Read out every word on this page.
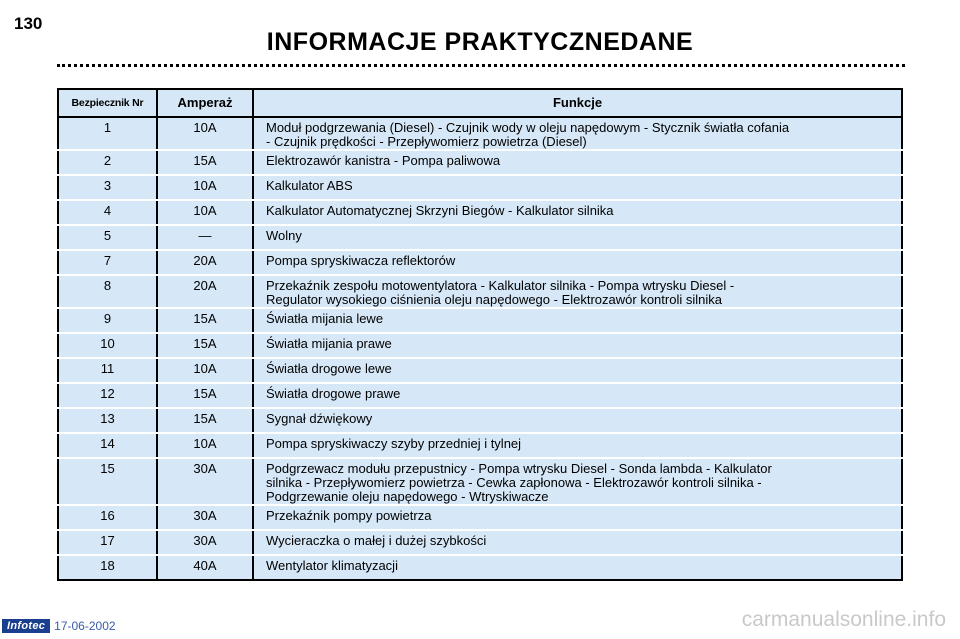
130
INFORMACJE PRAKTYCZNEDANE
Bezpiecznik Nr	Amperaż	Funkcje
1	10A	Moduł podgrzewania (Diesel) - Czujnik wody w oleju napędowym - Stycznik światła cofania
- Czujnik prędkości - Przepływomierz powietrza (Diesel)
2	15A	Elektrozawór kanistra - Pompa paliwowa
3	10A	Kalkulator ABS
4	10A	Kalkulator Automatycznej Skrzyni Biegów - Kalkulator silnika
5	—	Wolny
7	20A	Pompa spryskiwacza reflektorów
8	20A	Przekaźnik zespołu motowentylatora - Kalkulator silnika - Pompa wtrysku Diesel -
Regulator wysokiego ciśnienia oleju napędowego - Elektrozawór kontroli silnika
9	15A	Światła mijania lewe
10	15A	Światła mijania prawe
11	10A	Światła drogowe lewe
12	15A	Światła drogowe prawe
13	15A	Sygnał dźwiękowy
14	10A	Pompa spryskiwaczy szyby przedniej i tylnej
15	30A	Podgrzewacz modułu przepustnicy - Pompa wtrysku Diesel - Sonda lambda - Kalkulator
silnika - Przepływomierz powietrza - Cewka zapłonowa - Elektrozawór kontroli silnika -
Podgrzewanie oleju napędowego - Wtryskiwacze
16	30A	Przekaźnik pompy powietrza
17	30A	Wycieraczka o małej i dużej szybkości
18	40A	Wentylator klimatyzacji
Infotec 17-06-2002	carmanualsonline.info
